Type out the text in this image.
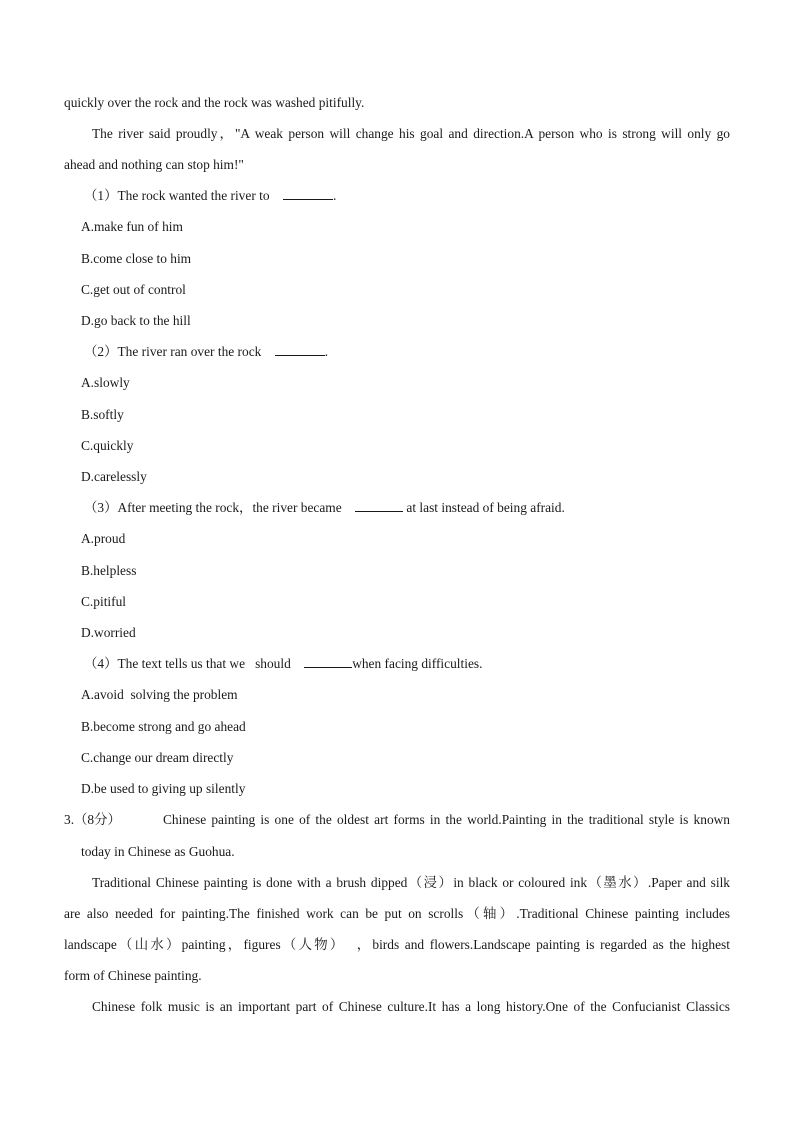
quickly over the rock and the rock was washed pitifully.
The river said proudly，"A weak person will change his goal and direction.A person who is strong will only go
ahead and nothing can stop him!"
（1）The rock wanted the river to	.
A.make fun of him
B.come close to him
C.get out of control
D.go back to the hill
（2）The river ran over the rock	.
A.slowly
B.softly
C.quickly
D.carelessly
（3）After meeting the rock，the river became	at last instead of being afraid.
A.proud
B.helpless
C.pitiful
D.worried
（4）The text tells us that we   should	when facing difficulties.
A.avoid  solving the problem
B.become strong and go ahead
C.change our dream directly
D.be used to giving up silently
3.（8分）	Chinese painting is one of the oldest art forms in the world.Painting in the traditional style is known
today in Chinese as Guohua.
Traditional Chinese painting is done with a brush dipped（浸）in black or coloured ink（墨水）.Paper and silk
are also needed for painting.The finished work can be put on scrolls（轴）.Traditional Chinese painting includes
landscape（山水）painting，figures（人物）  ，birds and flowers.Landscape painting is regarded as the highest
form of Chinese painting.
Chinese folk music is an important part of Chinese culture.It has a long history.One of the Confucianist Classics
